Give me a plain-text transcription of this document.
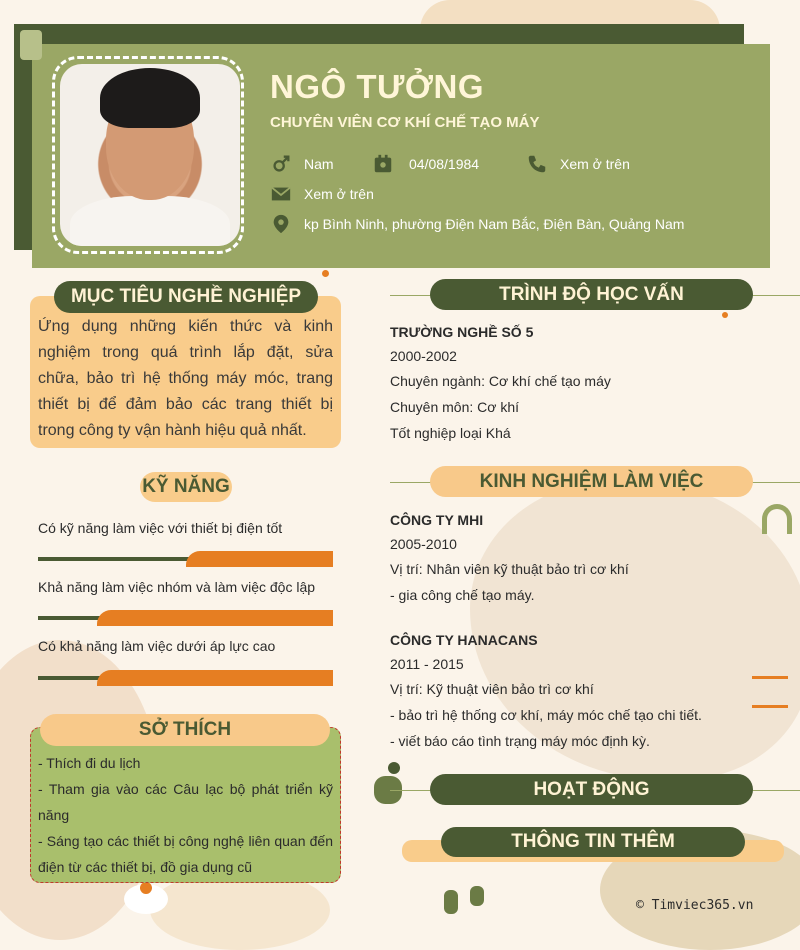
NGÔ TƯỞNG
CHUYÊN VIÊN CƠ KHÍ CHẾ TẠO MÁY
Nam	04/08/1984	Xem ở trên
Xem ở trên
kp Bình Ninh, phường Điện Nam Bắc, Điện Bàn, Quảng Nam
MỤC TIÊU NGHỀ NGHIỆP
Ứng dụng những kiến thức và kinh nghiệm trong quá trình lắp đặt, sửa chữa, bảo trì hệ thống máy móc, trang thiết bị để đảm bảo các trang thiết bị trong công ty vận hành hiệu quả nhất.
KỸ NĂNG
Có kỹ năng làm việc với thiết bị điện tốt
Khả năng làm việc nhóm và làm việc độc lập
Có khả năng làm việc dưới áp lực cao
SỞ THÍCH
- Thích đi du lịch
- Tham gia vào các Câu lạc bộ phát triển kỹ năng
- Sáng tạo các thiết bị công nghệ liên quan đến điện từ các thiết bị, đồ gia dụng cũ
TRÌNH ĐỘ HỌC VẤN
TRƯỜNG NGHỀ SỐ 5
2000-2002
Chuyên ngành: Cơ khí chế tạo máy
Chuyên môn: Cơ khí
Tốt nghiệp loại Khá
KINH NGHIỆM LÀM VIỆC
CÔNG TY MHI
2005-2010
Vị trí: Nhân viên kỹ thuật bảo trì cơ khí
- gia công chế tạo máy.
CÔNG TY HANACANS
2011 - 2015
Vị trí: Kỹ thuật viên bảo trì cơ khí
- bảo trì hệ thống cơ khí, máy móc chế tạo chi tiết.
- viết báo cáo tình trạng máy móc định kỳ.
HOẠT ĐỘNG
THÔNG TIN THÊM
© Timviec365.vn
